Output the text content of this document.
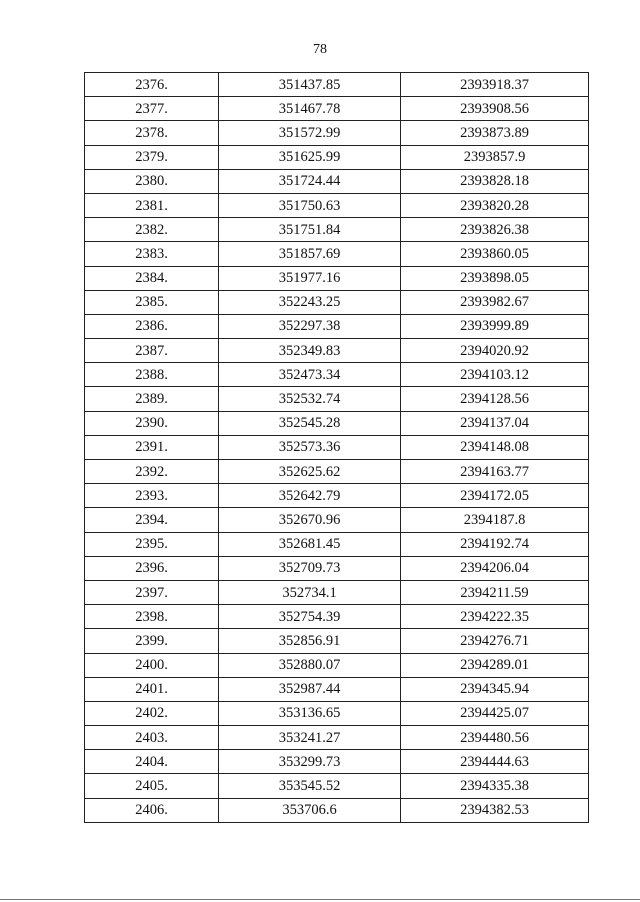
78
2376.	351437.85	2393918.37
2377.	351467.78	2393908.56
2378.	351572.99	2393873.89
2379.	351625.99	2393857.9
2380.	351724.44	2393828.18
2381.	351750.63	2393820.28
2382.	351751.84	2393826.38
2383.	351857.69	2393860.05
2384.	351977.16	2393898.05
2385.	352243.25	2393982.67
2386.	352297.38	2393999.89
2387.	352349.83	2394020.92
2388.	352473.34	2394103.12
2389.	352532.74	2394128.56
2390.	352545.28	2394137.04
2391.	352573.36	2394148.08
2392.	352625.62	2394163.77
2393.	352642.79	2394172.05
2394.	352670.96	2394187.8
2395.	352681.45	2394192.74
2396.	352709.73	2394206.04
2397.	352734.1	2394211.59
2398.	352754.39	2394222.35
2399.	352856.91	2394276.71
2400.	352880.07	2394289.01
2401.	352987.44	2394345.94
2402.	353136.65	2394425.07
2403.	353241.27	2394480.56
2404.	353299.73	2394444.63
2405.	353545.52	2394335.38
2406.	353706.6	2394382.53
